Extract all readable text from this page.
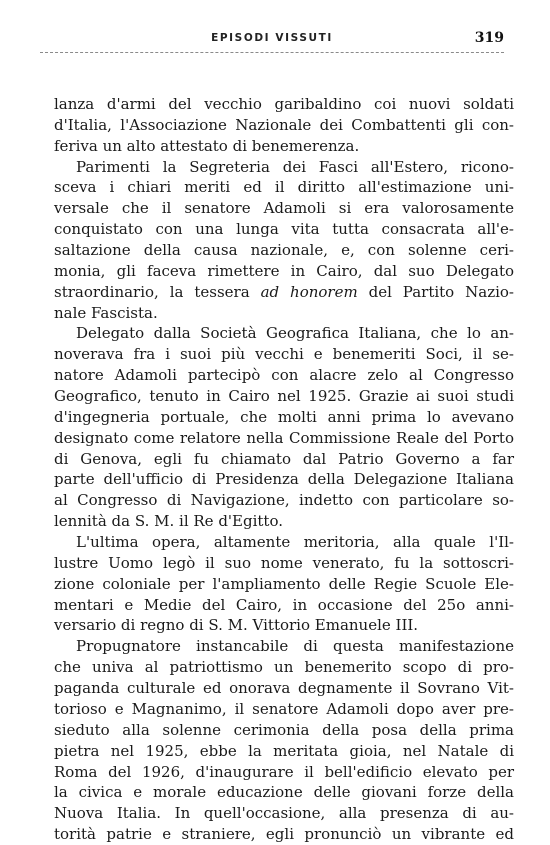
EPISODI VISSUTI	319
lanza d'armi del vecchio garibaldino coi nuovi soldati
d'Italia, l'Associazione Nazionale dei Combattenti gli con-
feriva un alto attestato di benemerenza.
Parimenti la Segreteria dei Fasci all'Estero, ricono-
sceva i chiari meriti ed il diritto all'estimazione uni-
versale che il senatore Adamoli si era valorosamente
conquistato con una lunga vita tutta consacrata all'e-
saltazione della causa nazionale, e, con solenne ceri-
monia, gli faceva rimettere in Cairo, dal suo Delegato
straordinario, la tessera ad honorem del Partito Nazio-
nale Fascista.
Delegato dalla Società Geografica Italiana, che lo an-
noverava fra i suoi più vecchi e benemeriti Soci, il se-
natore Adamoli partecipò con alacre zelo al Congresso
Geografico, tenuto in Cairo nel 1925. Grazie ai suoi studi
d'ingegneria portuale, che molti anni prima lo avevano
designato come relatore nella Commissione Reale del Porto
di Genova, egli fu chiamato dal Patrio Governo a far
parte dell'ufficio di Presidenza della Delegazione Italiana
al Congresso di Navigazione, indetto con particolare so-
lennità da S. M. il Re d'Egitto.
L'ultima opera, altamente meritoria, alla quale l'Il-
lustre Uomo legò il suo nome venerato, fu la sottoscri-
zione coloniale per l'ampliamento delle Regie Scuole Ele-
mentari e Medie del Cairo, in occasione del 25o anni-
versario di regno di S. M. Vittorio Emanuele III.
Propugnatore instancabile di questa manifestazione
che univa al patriottismo un benemerito scopo di pro-
paganda culturale ed onorava degnamente il Sovrano Vit-
torioso e Magnanimo, il senatore Adamoli dopo aver pre-
sieduto alla solenne cerimonia della posa della prima
pietra nel 1925, ebbe la meritata gioia, nel Natale di
Roma del 1926, d'inaugurare il bell'edificio elevato per
la civica e morale educazione delle giovani forze della
Nuova Italia. In quell'occasione, alla presenza di au-
torità patrie e straniere, egli pronunciò un vibrante ed
